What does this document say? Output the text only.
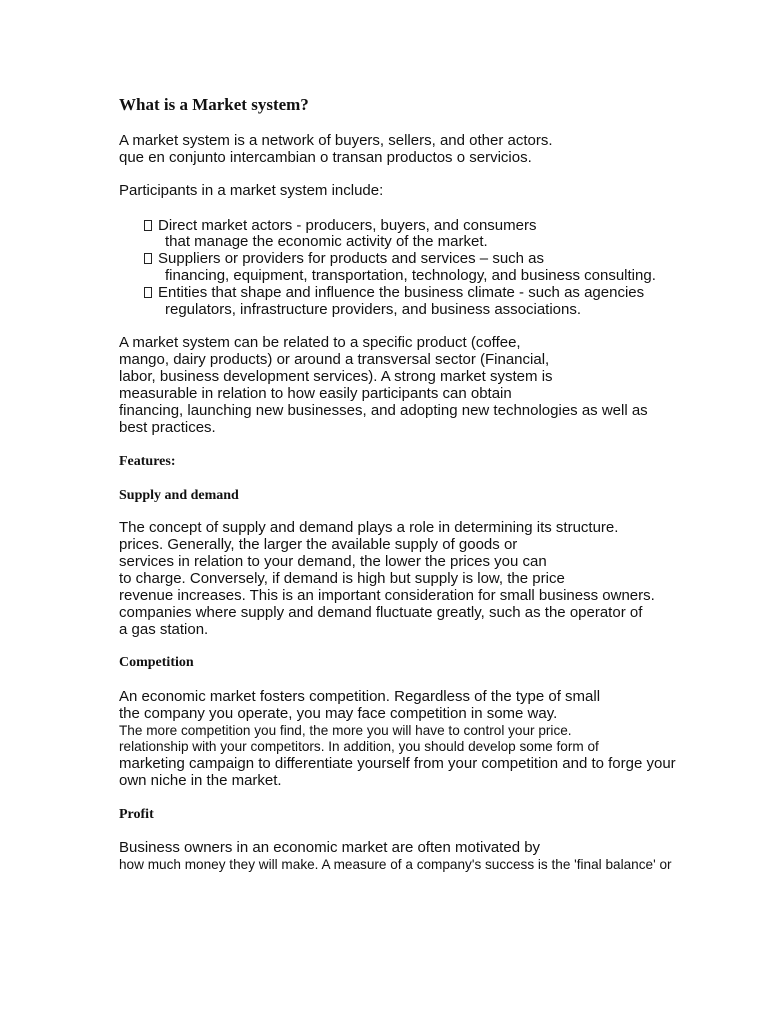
What is a Market system?

A market system is a network of buyers, sellers, and other actors.

que en conjunto intercambian o transan productos o servicios.

Participants in a market system include:

Direct market actors - producers, buyers, and consumers

that manage the economic activity of the market.

Suppliers or providers for products and services – such as

financing, equipment, transportation, technology, and business consulting.

Entities that shape and influence the business climate - such as agencies

regulators, infrastructure providers, and business associations.

A market system can be related to a specific product (coffee,

mango, dairy products) or around a transversal sector (Financial,

labor, business development services). A strong market system is

measurable in relation to how easily participants can obtain

financing, launching new businesses, and adopting new technologies as well as

best practices.

Features:
Supply and demand

The concept of supply and demand plays a role in determining its structure.

prices. Generally, the larger the available supply of goods or

services in relation to your demand, the lower the prices you can

to charge. Conversely, if demand is high but supply is low, the price

revenue increases. This is an important consideration for small business owners.

companies where supply and demand fluctuate greatly, such as the operator of

a gas station.

Competition

An economic market fosters competition. Regardless of the type of small

the company you operate, you may face competition in some way.

The more competition you find, the more you will have to control your price.

relationship with your competitors. In addition, you should develop some form of

marketing campaign to differentiate yourself from your competition and to forge your

own niche in the market.

Profit

Business owners in an economic market are often motivated by

how much money they will make. A measure of a company's success is the 'final balance' or
